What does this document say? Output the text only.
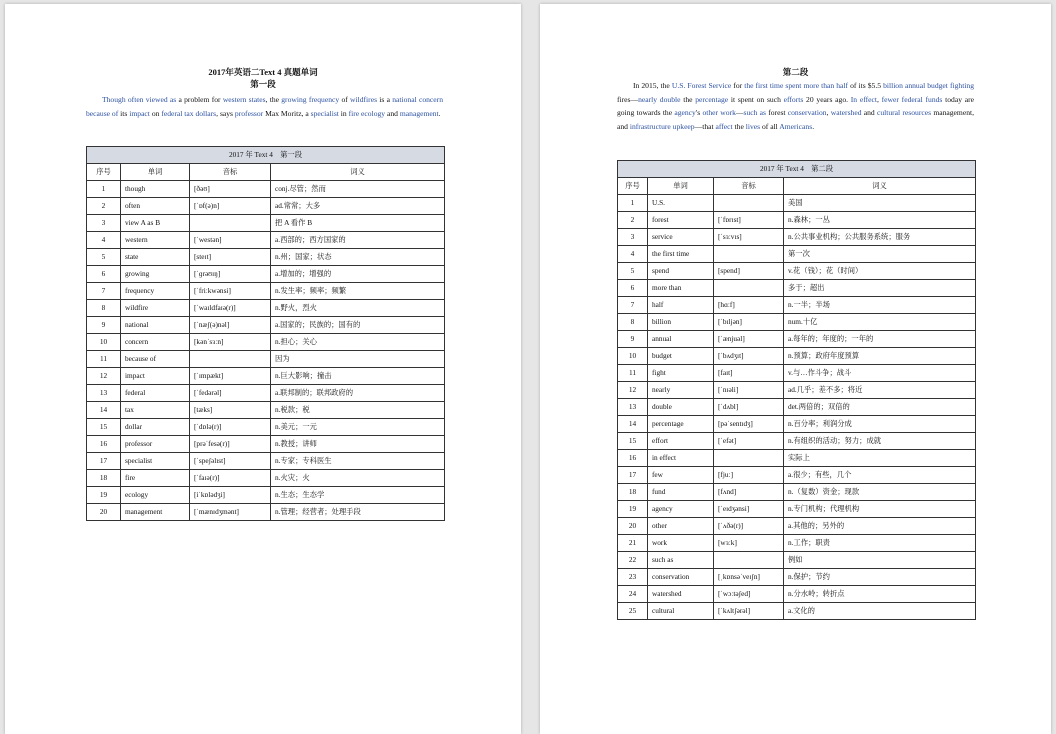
2017年英语二Text 4 真题单词
第一段

Though often viewed as a problem for western states, the growing frequency of wildfires is a national concern because of its impact on federal tax dollars, says professor Max Moritz, a specialist in fire ecology and management.

2017 年 Text 4　第一段			
序号	单词	音标	词义
1	though	[ðəʊ]	conj.尽管；然而
2	often	[ˈɒf(ə)n]	ad.常常；大多
3	view A as B		把 A 看作 B
4	western	[ˈwestən]	a.西部的；西方国家的
5	state	[steɪt]	n.州；国家；状态
6	growing	[ˈɡrəʊɪŋ]	a.增加的；增强的
7	frequency	[ˈfriːkwənsi]	n.发生率；频率；频繁
8	wildfire	[ˈwaɪldfaɪə(r)]	n.野火，烈火
9	national	[ˈnæʃ(ə)nəl]	a.国家的；民族的；国有的
10	concern	[kənˈsɜːn]	n.担心；关心
11	because of		因为
12	impact	[ˈɪmpækt]	n.巨大影响；撞击
13	federal	[ˈfedərəl]	a.联邦制的；联邦政府的
14	tax	[tæks]	n.税款；税
15	dollar	[ˈdɒlə(r)]	n.美元；一元
16	professor	[prəˈfesə(r)]	n.教授；讲师
17	specialist	[ˈspeʃəlɪst]	n.专家；专科医生
18	fire	[ˈfaɪə(r)]	n.火灾；火
19	ecology	[iˈkɒlədʒi]	n.生态；生态学
20	management	[ˈmænɪdʒmənt]	n.管理；经营者；处理手段
第二段

In 2015, the U.S. Forest Service for the first time spent more than half of its $5.5 billion annual budget fighting fires—nearly double the percentage it spent on such efforts 20 years ago. In effect, fewer federal funds today are going towards the agency's other work—such as forest conservation, watershed and cultural resources management, and infrastructure upkeep—that affect the lives of all Americans.

2017 年 Text 4　第二段			
序号	单词	音标	词义
1	U.S.		美国
2	forest	[ˈfɒrɪst]	n.森林；一丛
3	service	[ˈsɜːvɪs]	n.公共事业机构；公共服务系统；服务
4	the first time		第一次
5	spend	[spend]	v.花（钱）；花（时间）
6	more than		多于；超出
7	half	[hɑːf]	n.一半；半场
8	billion	[ˈbɪljən]	num.十亿
9	annual	[ˈænjuəl]	a.每年的；年度的；一年的
10	budget	[ˈbʌdʒɪt]	n.预算；政府年度预算
11	fight	[faɪt]	v.与…作斗争；战斗
12	nearly	[ˈnɪəli]	ad.几乎；差不多；将近
13	double	[ˈdʌbl]	det.两倍的；双倍的
14	percentage	[pəˈsentɪdʒ]	n.百分率；利润分成
15	effort	[ˈefət]	n.有组织的活动；努力；成就
16	in effect		实际上
17	few	[fjuː]	a.很少；有些，几个
18	fund	[fʌnd]	n.（复数）资金；现款
19	agency	[ˈeɪdʒənsi]	n.专门机构；代理机构
20	other	[ˈʌðə(r)]	a.其他的；另外的
21	work	[wɜːk]	n.工作；职责
22	such as		例如
23	conservation	[ˌkɒnsəˈveɪʃn]	n.保护；节约
24	watershed	[ˈwɔːtəʃed]	n.分水岭；转折点
25	cultural	[ˈkʌltʃərəl]	a.文化的
